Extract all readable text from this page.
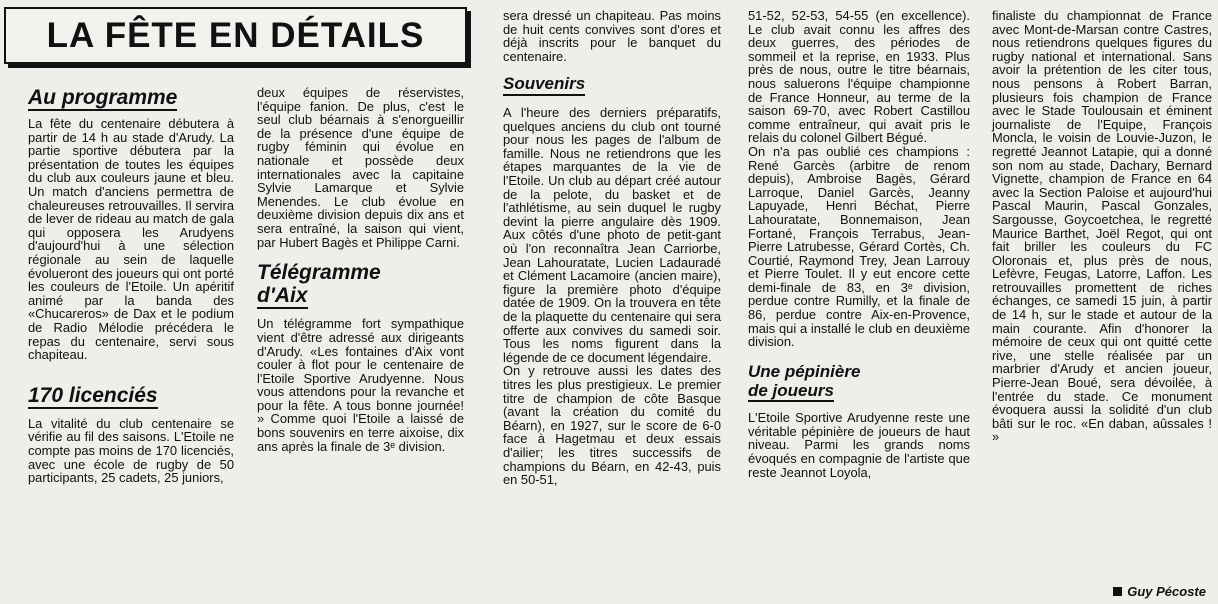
LA FÊTE EN DÉTAILS
Au programme

La fête du centenaire débutera à partir de 14 h au stade d'Arudy. La partie sportive débutera par la présentation de toutes les équipes du club aux couleurs jaune et bleu. Un match d'anciens permettra de chaleureuses retrouvailles. Il servira de lever de rideau au match de gala qui opposera les Arudyens d'aujourd'hui à une sélection régionale au sein de laquelle évolueront des joueurs qui ont porté les couleurs de l'Etoile. Un apéritif animé par la banda des «Chucareros» de Dax et le podium de Radio Mélodie précédera le repas du centenaire, servi sous chapiteau.

170 licenciés

La vitalité du club centenaire se vérifie au fil des saisons. L'Etoile ne compte pas moins de 170 licenciés, avec une école de rugby de 50 participants, 25 cadets, 25 juniors,

deux équipes de réservistes, l'équipe fanion. De plus, c'est le seul club béarnais à s'enorgueillir de la présence d'une équipe de rugby féminin qui évolue en nationale et possède deux internationales avec la capitaine Sylvie Lamarque et Sylvie Menendes. Le club évolue en deuxième division depuis dix ans et sera entraîné, la saison qui vient, par Hubert Bagès et Philippe Carni.

Télégramme
d'Aix

Un télégramme fort sympathique vient d'être adressé aux dirigeants d'Arudy. «Les fontaines d'Aix vont couler à flot pour le centenaire de l'Etoile Sportive Arudyenne. Nous vous attendons pour la revanche et pour la fête. A tous bonne journée! » Comme quoi l'Etoile a laissé de bons souvenirs en terre aixoise, dix ans après la finale de 3ᵉ division.

sera dressé un chapiteau. Pas moins de huit cents convives sont d'ores et déjà inscrits pour le banquet du centenaire.

Souvenirs

A l'heure des derniers préparatifs, quelques anciens du club ont tourné pour nous les pages de l'album de famille. Nous ne retiendrons que les étapes marquantes de la vie de l'Etoile. Un club au départ créé autour de la pelote, du basket et de l'athlétisme, au sein duquel le rugby devint la pierre angulaire dès 1909. Aux côtés d'une photo de petit-gant où l'on reconnaîtra Jean Carriorbe, Jean Lahouratate, Lucien Ladauradé et Clément Lacamoire (ancien maire), figure la première photo d'équipe datée de 1909. On la trouvera en tête de la plaquette du centenaire qui sera offerte aux convives du samedi soir. Tous les noms figurent dans la légende de ce document légendaire.

On y retrouve aussi les dates des titres les plus prestigieux. Le premier titre de champion de côte Basque (avant la création du comité du Béarn), en 1927, sur le score de 6-0 face à Hagetmau et deux essais d'ailier; les titres successifs de champions du Béarn, en 42-43, puis en 50-51,

51-52, 52-53, 54-55 (en excellence). Le club avait connu les affres des deux guerres, des périodes de sommeil et la reprise, en 1933. Plus près de nous, outre le titre béarnais, nous saluerons l'équipe championne de France Honneur, au terme de la saison 69-70, avec Robert Castillou comme entraîneur, qui avait pris le relais du colonel Gilbert Bégué.

On n'a pas oublié ces champions : René Garcès (arbitre de renom depuis), Ambroise Bagès, Gérard Larroque, Daniel Garcès, Jeanny Lapuyade, Henri Béchat, Pierre Lahouratate, Bonnemaison, Jean Fortané, François Terrabus, Jean-Pierre Latrubesse, Gérard Cortès, Ch. Courtié, Raymond Trey, Jean Larrouy et Pierre Toulet. Il y eut encore cette demi-finale de 83, en 3ᵉ division, perdue contre Rumilly, et la finale de 86, perdue contre Aix-en-Provence, mais qui a installé le club en deuxième division.

Une pépinière
de joueurs

L'Etoile Sportive Arudyenne reste une véritable pépinière de joueurs de haut niveau. Parmi les grands noms évoqués en compagnie de l'artiste que reste Jeannot Loyola,

finaliste du championnat de France avec Mont-de-Marsan contre Castres, nous retiendrons quelques figures du rugby national et international. Sans avoir la prétention de les citer tous, nous pensons à Robert Barran, plusieurs fois champion de France avec le Stade Toulousain et éminent journaliste de l'Equipe, François Moncla, le voisin de Louvie-Juzon, le regretté Jeannot Latapie, qui a donné son nom au stade, Dachary, Bernard Vignette, champion de France en 64 avec la Section Paloise et aujourd'hui Pascal Maurin, Pascal Gonzales, Sargousse, Goycoetchea, le regretté Maurice Barthet, Joël Regot, qui ont fait briller les couleurs du FC Oloronais et, plus près de nous, Lefèvre, Feugas, Latorre, Laffon. Les retrouvailles promettent de riches échanges, ce samedi 15 juin, à partir de 14 h, sur le stade et autour de la main courante. Afin d'honorer la mémoire de ceux qui ont quitté cette rive, une stelle réalisée par un marbrier d'Arudy et ancien joueur, Pierre-Jean Boué, sera dévoilée, à l'entrée du stade. Ce monument évoquera aussi la solidité d'un club bâti sur le roc. «En daban, aûssales ! »

Guy Pécoste
